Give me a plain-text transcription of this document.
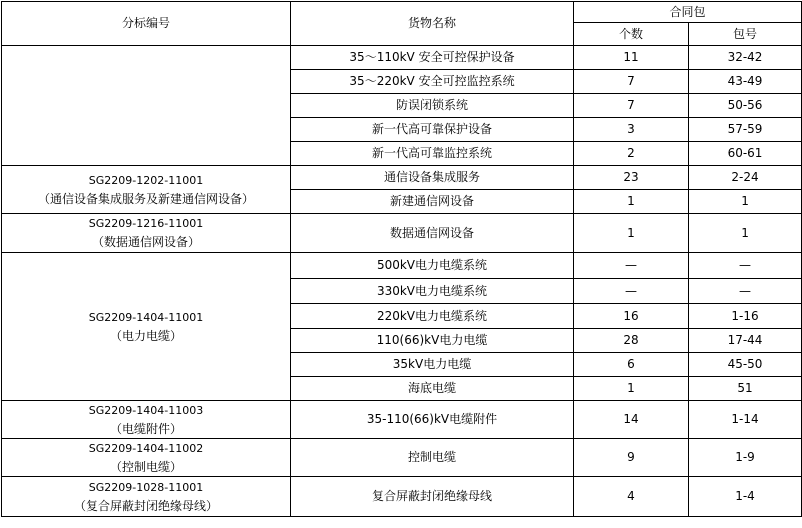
分标编号	货物名称	合同包	
		个数	包号
	35～110kV 安全可控保护设备	11	32-42
	35～220kV 安全可控监控系统	7	43-49
	防误闭锁系统	7	50-56
	新一代高可靠保护设备	3	57-59
	新一代高可靠监控系统	2	60-61

SG2209-1202-11001
（通信设备集成服务及新建通信网设备）	通信设备集成服务	23	2-24
	新建通信网设备	1	1

SG2209-1216-11001
（数据通信网设备）	数据通信网设备	1	1

SG2209-1404-11001
（电力电缆）	500kV电力电缆系统	—	—
	330kV电力电缆系统	—	—
	220kV电力电缆系统	16	1-16
	110(66)kV电力电缆	28	17-44
	35kV电力电缆	6	45-50
	海底电缆	1	51

SG2209-1404-11003
（电缆附件）	35-110(66)kV电缆附件	14	1-14

SG2209-1404-11002
（控制电缆）	控制电缆	9	1-9

SG2209-1028-11001
（复合屏蔽封闭绝缘母线）	复合屏蔽封闭绝缘母线	4	1-4
